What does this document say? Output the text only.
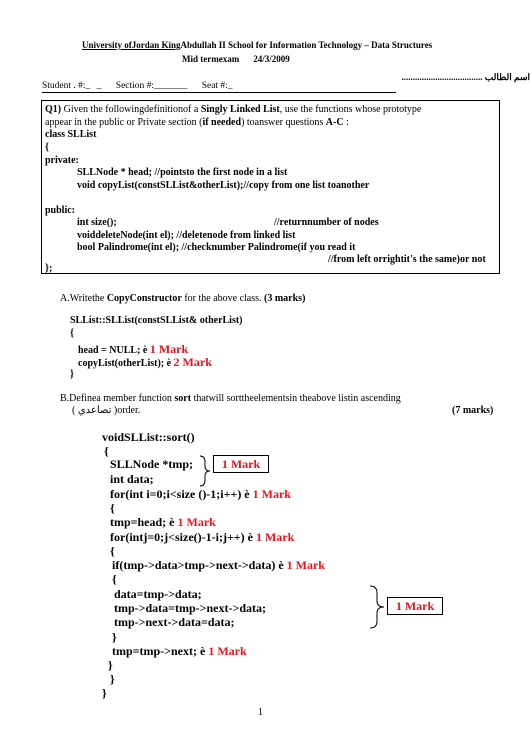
University ofJordan KingAbdullah II School for Information Technology – Data Structures
Mid termexam 24/3/2009
اسم الطالب ....................................
Student . #:_ _ Section #:_______ Seat #:_
Q1) Given the followingdefinitionof a Singly Linked List, use the functions whose prototype
appear in the public or Private section (if needed) toanswer questions A-C :
class SLList
{
private:
SLLNode * head; //pointsto the first node in a list
void copyList(constSLList&otherList);//copy from one list toanother
public:
int size();	//returnnumber of nodes
voiddeleteNode(int el); //deletenode from linked list
bool Palindrome(int el); //checknumber Palindrome(if you read it
//from left orrightit's the same)or not
};
A.Writethe CopyConstructor for the above class. (3 marks)
SLList::SLList(constSLList& otherList)
{
head = NULL; è 1 Mark
copyList(otherList); è 2 Mark
}
B.Definea member function sort thatwill sorttheelementsin theabove listin ascending
( تصاعدي )order.	(7 marks)
voidSLList::sort()
{
SLLNode *tmp;
int data;
1 Mark
for(int i=0;i<size ()-1;i++) è 1 Mark
{
tmp=head; è 1 Mark
for(intj=0;j<size()-1-i;j++) è 1 Mark
{
if(tmp->data>tmp->next->data) è 1 Mark
{
data=tmp->data;
tmp->data=tmp->next->data;
tmp->next->data=data;
1 Mark
}
tmp=tmp->next; è 1 Mark
}
}
}
1
